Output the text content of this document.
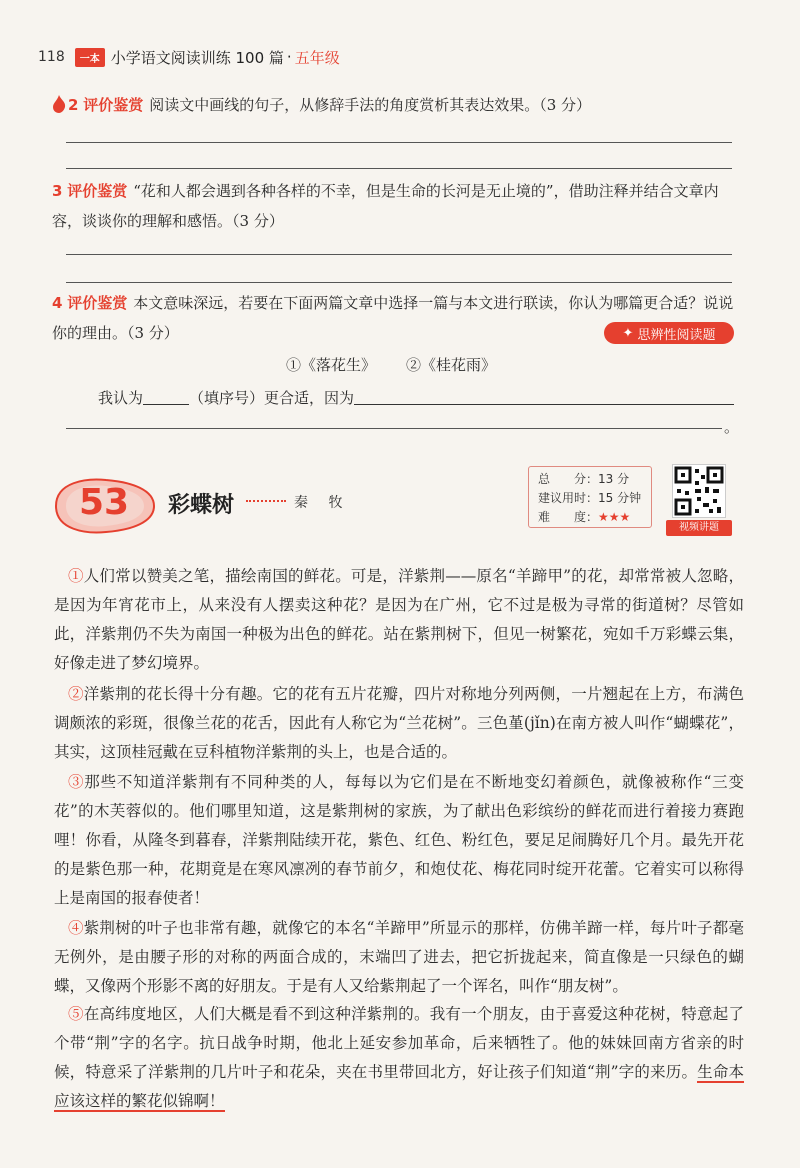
118	一本 小学语文阅读训练 100 篇 · 五年级
2 评价鉴赏 阅读文中画线的句子，从修辞手法的角度赏析其表达效果。（3 分）
3 评价鉴赏 “花和人都会遇到各种各样的不幸，但是生命的长河是无止境的”，借助注释并结合文章内容，谈谈你的理解和感悟。（3 分）
4 评价鉴赏 本文意味深远，若要在下面两篇文章中选择一篇与本文进行联读，你认为哪篇更合适？说说你的理由。（3 分）	✦ 思辨性阅读题
①《落花生》 ②《桂花雨》
我认为	（填序号）更合适，因为
。
53	彩蝶树	秦 牧
总　　分：13 分
建议用时：15 分钟
难　　度：★★★
视频讲题
①人们常以赞美之笔，描绘南国的鲜花。可是，洋紫荆——原名“羊蹄甲”的花，却常常被人忽略，是因为年宵花市上，从来没有人摆卖这种花？是因为在广州，它不过是极为寻常的街道树？尽管如此，洋紫荆仍不失为南国一种极为出色的鲜花。站在紫荆树下，但见一树繁花，宛如千万彩蝶云集，好像走进了梦幻境界。
②洋紫荆的花长得十分有趣。它的花有五片花瓣，四片对称地分列两侧，一片翘起在上方，布满色调颇浓的彩斑，很像兰花的花舌，因此有人称它为“兰花树”。三色堇(jǐn)在南方被人叫作“蝴蝶花”，其实，这顶桂冠戴在豆科植物洋紫荆的头上，也是合适的。
③那些不知道洋紫荆有不同种类的人，每每以为它们是在不断地变幻着颜色，就像被称作“三变花”的木芙蓉似的。他们哪里知道，这是紫荆树的家族，为了献出色彩缤纷的鲜花而进行着接力赛跑哩！你看，从隆冬到暮春，洋紫荆陆续开花，紫色、红色、粉红色，要足足闹腾好几个月。最先开花的是紫色那一种，花期竟是在寒风凛冽的春节前夕，和炮仗花、梅花同时绽开花蕾。它着实可以称得上是南国的报春使者！
④紫荆树的叶子也非常有趣，就像它的本名“羊蹄甲”所显示的那样，仿佛羊蹄一样，每片叶子都毫无例外，是由腰子形的对称的两面合成的，末端凹了进去，把它折拢起来，简直像是一只绿色的蝴蝶，又像两个形影不离的好朋友。于是有人又给紫荆起了一个诨名，叫作“朋友树”。
⑤在高纬度地区，人们大概是看不到这种洋紫荆的。我有一个朋友，由于喜爱这种花树，特意起了个带“荆”字的名字。抗日战争时期，他北上延安参加革命，后来牺牲了。他的妹妹回南方省亲的时候，特意采了洋紫荆的几片叶子和花朵，夹在书里带回北方，好让孩子们知道“荆”字的来历。生命本应该这样的繁花似锦啊！
